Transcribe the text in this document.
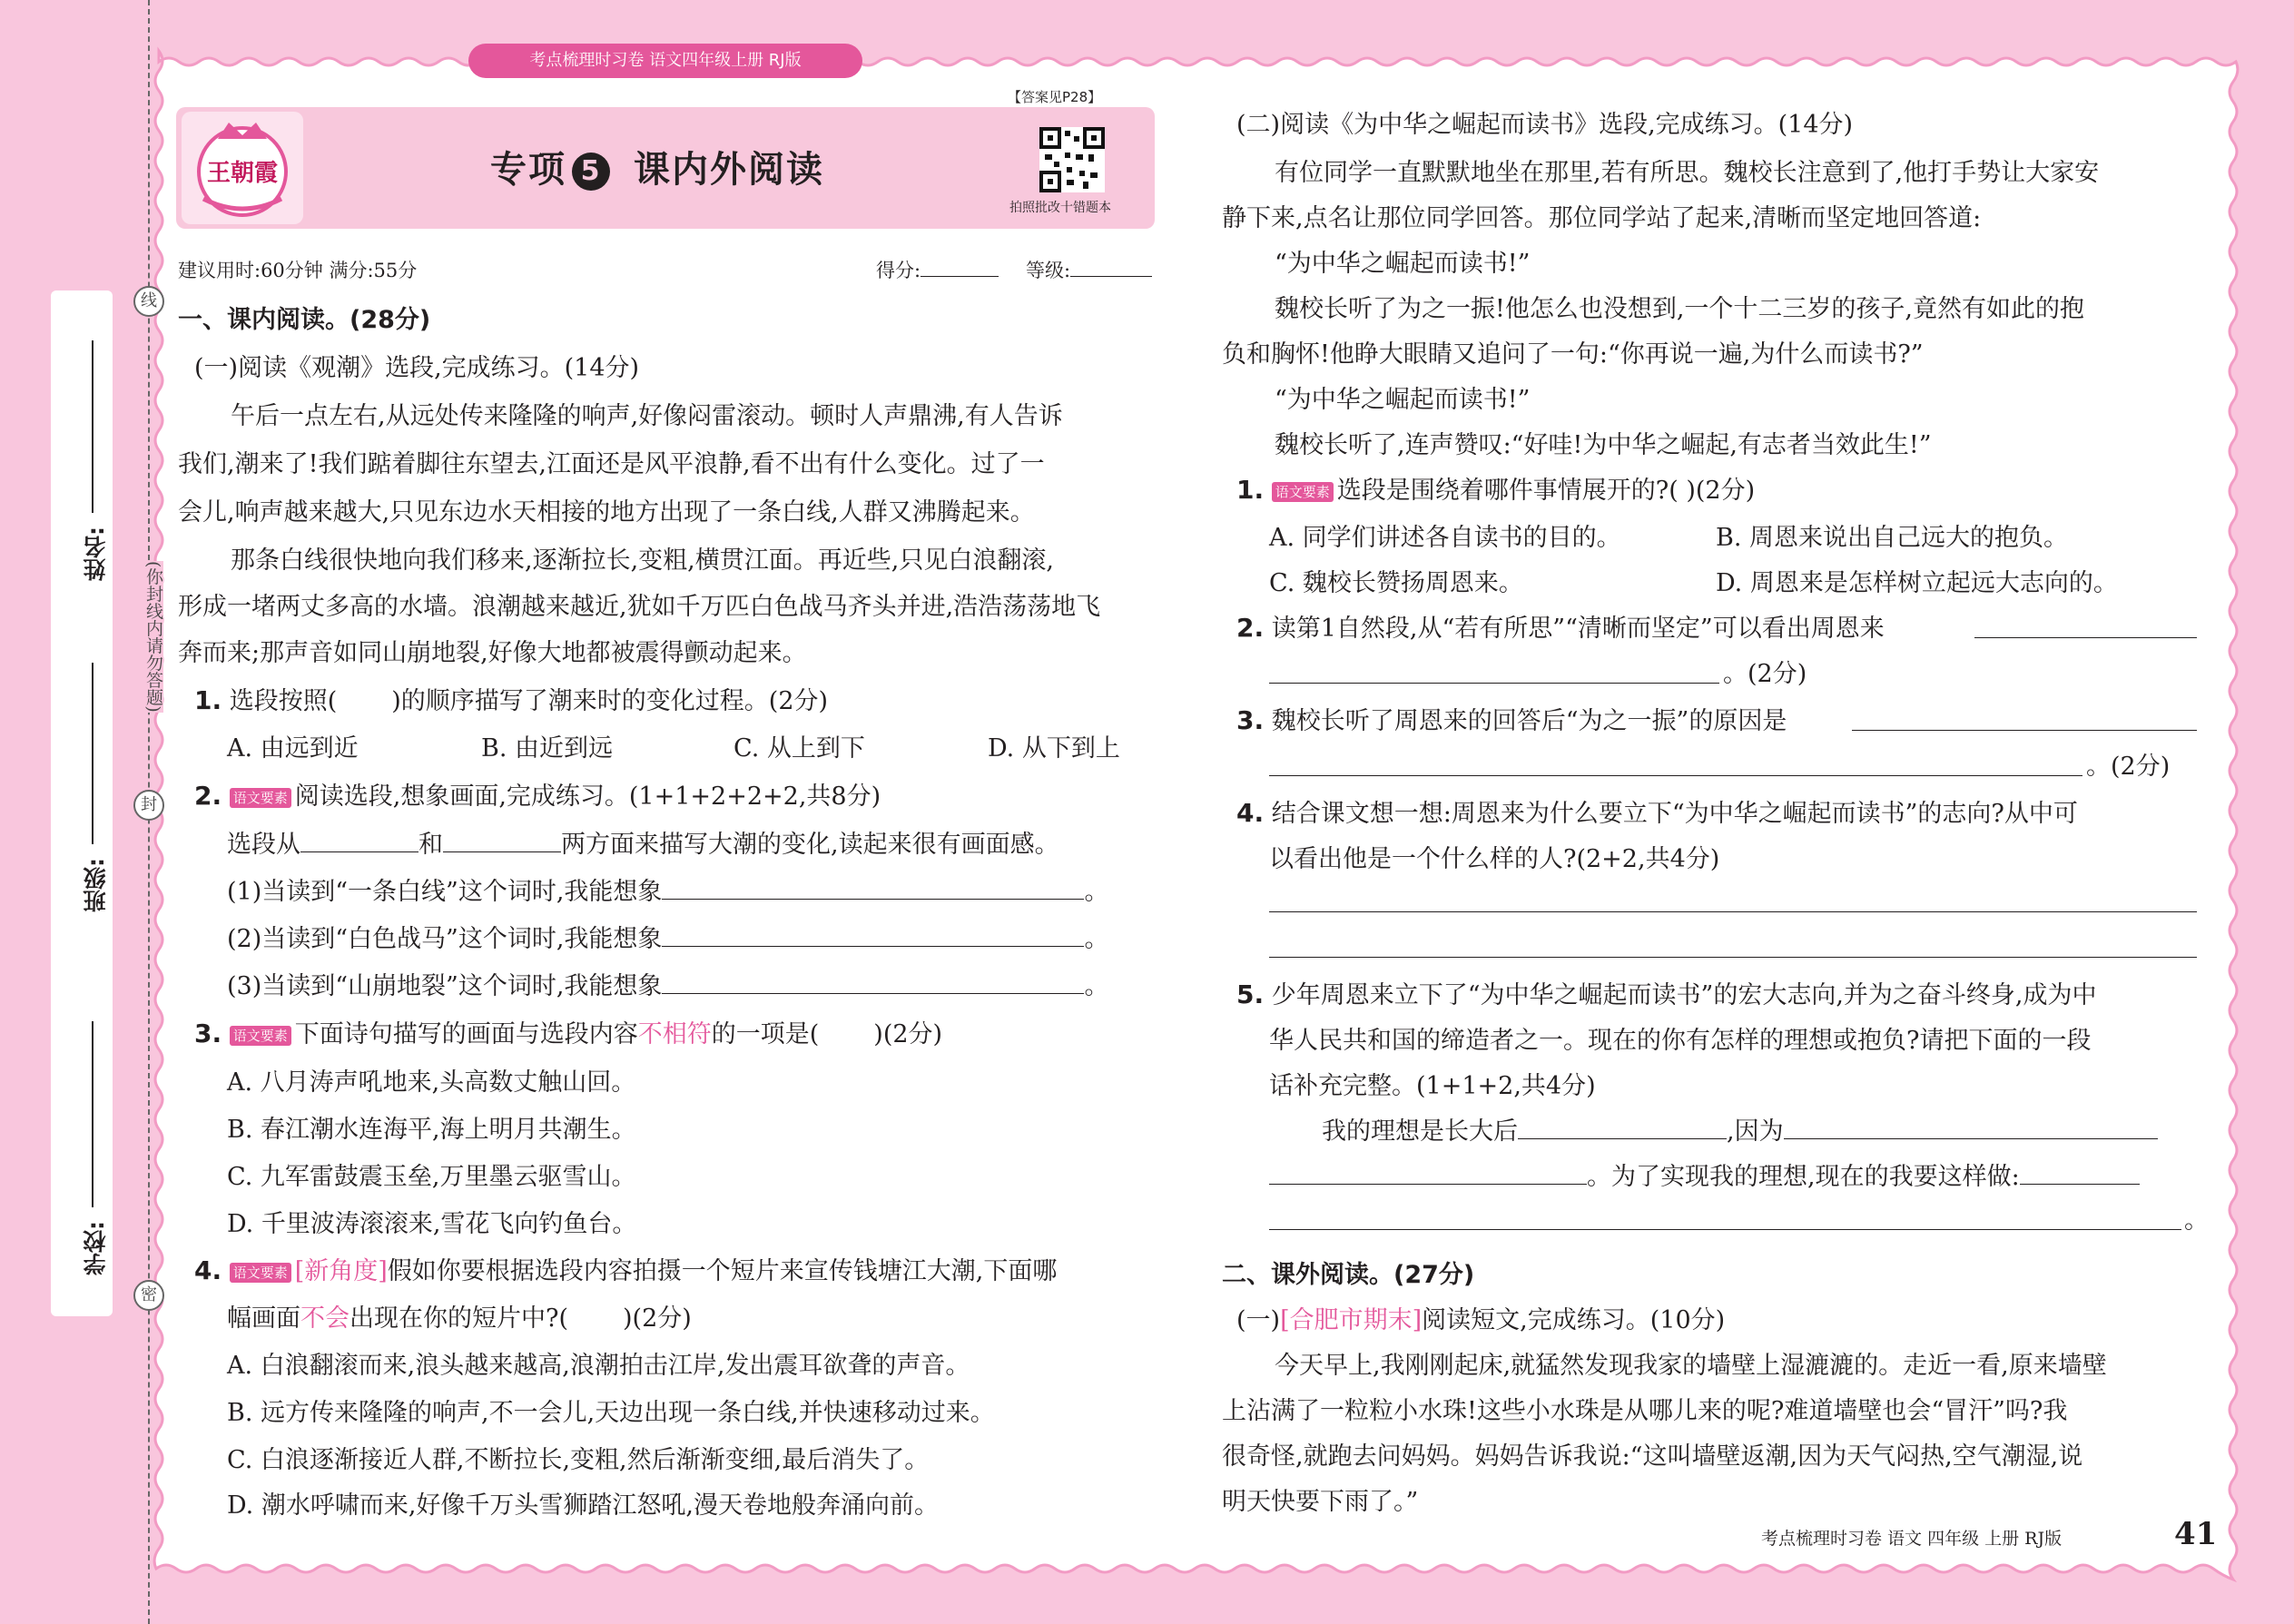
(你封线内请勿答题)
线
封
密
姓名:
班级:
学校:
考点梳理时习卷 语文四年级上册 RJ版
王朝霞
【答案见P28】
拍照批改十错题本
专项 5 课内外阅读
建议用时:60分钟 满分:55分	得分:	等级:
一、课内阅读。(28分)
(一)阅读《观潮》选段,完成练习。(14分)
午后一点左右,从远处传来隆隆的响声,好像闷雷滚动。顿时人声鼎沸,有人告诉
我们,潮来了!我们踮着脚往东望去,江面还是风平浪静,看不出有什么变化。过了一
会儿,响声越来越大,只见东边水天相接的地方出现了一条白线,人群又沸腾起来。
那条白线很快地向我们移来,逐渐拉长,变粗,横贯江面。再近些,只见白浪翻滚,
形成一堵两丈多高的水墙。浪潮越来越近,犹如千万匹白色战马齐头并进,浩浩荡荡地飞
奔而来;那声音如同山崩地裂,好像大地都被震得颤动起来。
1. 选段按照( )的顺序描写了潮来时的变化过程。(2分)
A. 由远到近	B. 由近到远	C. 从上到下	D. 从下到上
2. 语文要素 阅读选段,想象画面,完成练习。(1+1+2+2+2,共8分)
选段从	和	两方面来描写大潮的变化,读起来很有画面感。
(1)当读到“一条白线”这个词时,我能想象	。
(2)当读到“白色战马”这个词时,我能想象	。
(3)当读到“山崩地裂”这个词时,我能想象	。
3. 语文要素 下面诗句描写的画面与选段内容不相符的一项是( )(2分)
A. 八月涛声吼地来,头高数丈触山回。
B. 春江潮水连海平,海上明月共潮生。
C. 九军雷鼓震玉垒,万里墨云驱雪山。
D. 千里波涛滚滚来,雪花飞向钓鱼台。
4. 语文要素 [新角度]假如你要根据选段内容拍摄一个短片来宣传钱塘江大潮,下面哪
幅画面不会出现在你的短片中?( )(2分)
A. 白浪翻滚而来,浪头越来越高,浪潮拍击江岸,发出震耳欲聋的声音。
B. 远方传来隆隆的响声,不一会儿,天边出现一条白线,并快速移动过来。
C. 白浪逐渐接近人群,不断拉长,变粗,然后渐渐变细,最后消失了。
D. 潮水呼啸而来,好像千万头雪狮踏江怒吼,漫天卷地般奔涌向前。
(二)阅读《为中华之崛起而读书》选段,完成练习。(14分)
有位同学一直默默地坐在那里,若有所思。魏校长注意到了,他打手势让大家安
静下来,点名让那位同学回答。那位同学站了起来,清晰而坚定地回答道:
“为中华之崛起而读书!”
魏校长听了为之一振!他怎么也没想到,一个十二三岁的孩子,竟然有如此的抱
负和胸怀!他睁大眼睛又追问了一句:“你再说一遍,为什么而读书?”
“为中华之崛起而读书!”
魏校长听了,连声赞叹:“好哇!为中华之崛起,有志者当效此生!”
1. 语文要素 选段是围绕着哪件事情展开的?( )(2分)
A. 同学们讲述各自读书的目的。	B. 周恩来说出自己远大的抱负。
C. 魏校长赞扬周恩来。	D. 周恩来是怎样树立起远大志向的。
2. 读第1自然段,从“若有所思”“清晰而坚定”可以看出周恩来
。(2分)
3. 魏校长听了周恩来的回答后“为之一振”的原因是
。(2分)
4. 结合课文想一想:周恩来为什么要立下“为中华之崛起而读书”的志向?从中可
以看出他是一个什么样的人?(2+2,共4分)
5. 少年周恩来立下了“为中华之崛起而读书”的宏大志向,并为之奋斗终身,成为中
华人民共和国的缔造者之一。现在的你有怎样的理想或抱负?请把下面的一段
话补充完整。(1+1+2,共4分)
我的理想是长大后	,因为
。为了实现我的理想,现在的我要这样做:
。
二、课外阅读。(27分)
(一)[合肥市期末]阅读短文,完成练习。(10分)
今天早上,我刚刚起床,就猛然发现我家的墙壁上湿漉漉的。走近一看,原来墙壁
上沾满了一粒粒小水珠!这些小水珠是从哪儿来的呢?难道墙壁也会“冒汗”吗?我
很奇怪,就跑去问妈妈。妈妈告诉我说:“这叫墙壁返潮,因为天气闷热,空气潮湿,说
明天快要下雨了。”
考点梳理时习卷 语文 四年级 上册 RJ版	41
